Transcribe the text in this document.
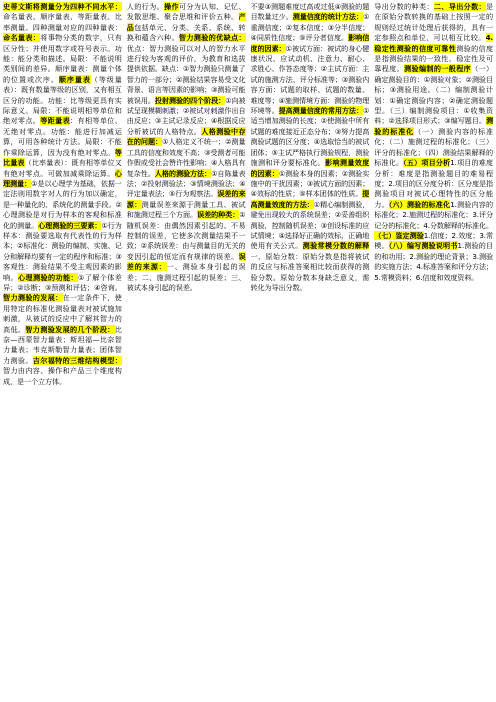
史蒂文斯将测量分为四种不同水平：命名量表、顺序量表、等距量表、比率测量。四种测量对应的四种量表：命名量表：将事物分类的数字，只有区分性；并使用数字或符号表示。功能：能分类和描述。局限：不能说明类别间的差异。顺序量表：测量个体的位置或次序。顺序量表（等级量表）：既有数量等级的区别，又有相互区分的功能。功能：比等级更具有实际意义。局限：不能说明相等单位和绝对零点。等距量表：有相等单位、无绝对零点。功能：能进行加减运算，可用各种统计方法。局限：不能作乘除运算，因为没有绝对零点。等比量表（比率量表）：既有相等单位又有绝对零点。可做加减乘除运算。心理测量：①是以心理学为基础，依据一定法则用数字对人的行为加以确定，是一种量化的、系统化的测量手段。②心理测验是对行为样本的客观和标准化的测量。心理测验的三要素：①行为样本：测验要选取有代表性的行为样本；②标准化：测验的编制、实施、记分和解释均要有一定的程序和标准；③客观性：测验结果不受主观因素的影响。心理测验的功能：①了解个体差异；②诊断；③预测和评估；④咨询。智力测验的发展：在一定条件下，使用特定的标准化测验量表对被试施加刺激，从被试的反应中了解其智力的高低。智力测验发展的几个阶段：比奈—西蒙智力量表；斯坦福—比奈智力量表；韦克斯勒智力量表；团体智力测验。吉尔福特的三维结构模型：智力由内容、操作和产品三个维度构成，是一个立方体。
人的行为。操作可分为认知、记忆、发散思维、聚合思维和评价五种。产品包括单元、分类、关系、系统、转换和蕴含六种。智力测验的优缺点：优点：智力测验可以对人的智力水平进行较为客观的评价，为教育和选拔提供依据。缺点：①智力测验只测量了智力的一部分；②测验结果容易受文化背景、语言等因素的影响；③测验可能被误用。投射测验的四个阶段：①向被试呈现模糊刺激；②被试对刺激作出自由反应；③主试记录反应；④根据反应分析被试的人格特点。人格测验中存在的问题：①人格定义不统一；②测量工具的信度和效度不高；③受测者可能作假或受社会赞许性影响；④人格具有复杂性。人格的测验方法：①自陈量表法；②投射测验法；③情境测验法；④评定量表法；⑤行为观察法。误差的来源：测量误差来源于测量工具、被试和施测过程三个方面。误差的种类：①随机误差：由偶然因素引起的、不易控制的误差，它使多次测量结果不一致；②系统误差：由与测量目的无关的变因引起的恒定而有规律的误差。误差的来源：一、测验本身引起的误差；二、施测过程引起的误差；三、被试本身引起的误差。
不要③测题难度过高或过低④测验的题目数量过少。测量信度的统计方法：①重测信度；②复本信度；③分半信度；④同质性信度；⑤评分者信度。影响信度的因素：①被试方面：被试的身心健康状况、应试动机、注意力、耐心、求胜心、作答态度等；②主试方面：主试的施测方法、评分标准等；③测验内容方面：试题的取样、试题的数量、难度等；④施测情境方面：测验的物理环境等。提高测量信度的常用方法：①适当增加测验的长度；②使测验中所有试题的难度接近正态分布；③努力提高测验试题的区分度；④选取恰当的被试团体；⑤主试严格执行测验规程，测验施测和评分要标准化。影响测量效度的因素：①测验本身的因素；②测验实施中的干扰因素；③被试方面的因素；④效标的性质；⑤样本团体的性质。提高测量效度的方法：①精心编制测验，避免出现较大的系统误差；②妥善组织测验，控制随机误差；③创设标准的应试情境；④选择好正确的效标，正确地使用有关公式。测验常模分数的解释一、原始分数：原始分数是指将被试的反应与标准答案相比较而获得的测验分数。原始分数本身缺乏意义，需转化为导出分数。
导出分数的种类：二、导出分数：是在原始分数转换的基础上按照一定的规则经过统计处理后获得的，具有一定参照点和单位，可以相互比较。4.稳定性测验的信度可靠性测验的信度是指测验结果的一致性、稳定性及可靠程度。测验编制的一般程序（一）确定测验目的：①测验对象；②测验目标；③测验用途。（二）编制测验计划：①确定测验内容；②确定测验题型。（三）编制测验项目：①收集资料；②选择项目形式；③编写题目。测验的标准化（一）测验内容的标准化；（二）施测过程的标准化；（三）评分的标准化；（四）测验结果解释的标准化。（五）项目分析1.项目的难度分析：难度是指测验题目的难易程度；2.项目的区分度分析：区分度是指测验项目对被试心理特性的区分能力。（六）测验的标准化1.测验内容的标准化；2.施测过程的标准化；3.评分记分的标准化；4.分数解释的标准化。（七）鉴定测验1.信度；2.效度；3.常模。（八）编写测验说明书1.测验的目的和功用；2.测验的理论背景；3.测验的实施方法；4.标准答案和评分方法；5.常模资料；6.信度和效度资料。
